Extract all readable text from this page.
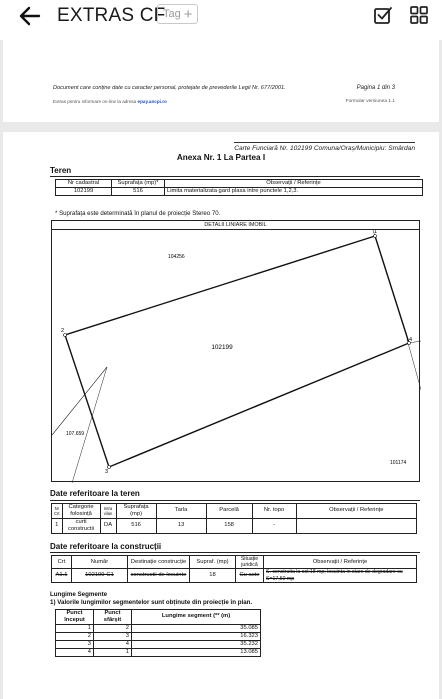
EXTRAS CF
Tag +
Document care conține date cu caracter personal, protejate de prevederile Legii Nr. 677/2001.	Pagina 1 din 3
Extras pentru informare on-line la adresa epay.ancpi.ro	Formular versiunea 1.1
Carte Funciară Nr. 102199 Comuna/Oraș/Municipiu: Smârdan
Anexa Nr. 1 La Partea I
Teren
Nr cadastral	Suprafața (mp)*	Observații / Referințe
102199	516	Limita materializata gard plasa intre punctele 1,2,3.
* Suprafața este determinată în planul de proiecție Stereo 70.
DETALII LINIARE IMOBIL
1
2
3
4
102199
104256
107.659
101174
Date referitoare la teren
Nr Crt	Categorie folosință	Intra vilan	Suprafața (mp)	Tarla	Parcelă	Nr. topo	Observații / Referințe
1	curti constructii	DA	516	13	158	-	
Date referitoare la construcții
Crt	Număr	Destinație construcție	Supraf. (mp)	Situație juridică	Observații / Referințe
A1.1	102199-C1	constructii de locuinte	18	Cu acte	S. construita la sol:18 mp; locuinta in stare de degradare cu S=17,50 mp
Lungime Segmente
1) Valorile lungimilor segmentelor sunt obținute din proiecție în plan.
Punct început	Punct sfârșit	Lungime segment (** (m)
1	2	35.085
2	3	16.323
3	4	35.232
4	1	13.085
